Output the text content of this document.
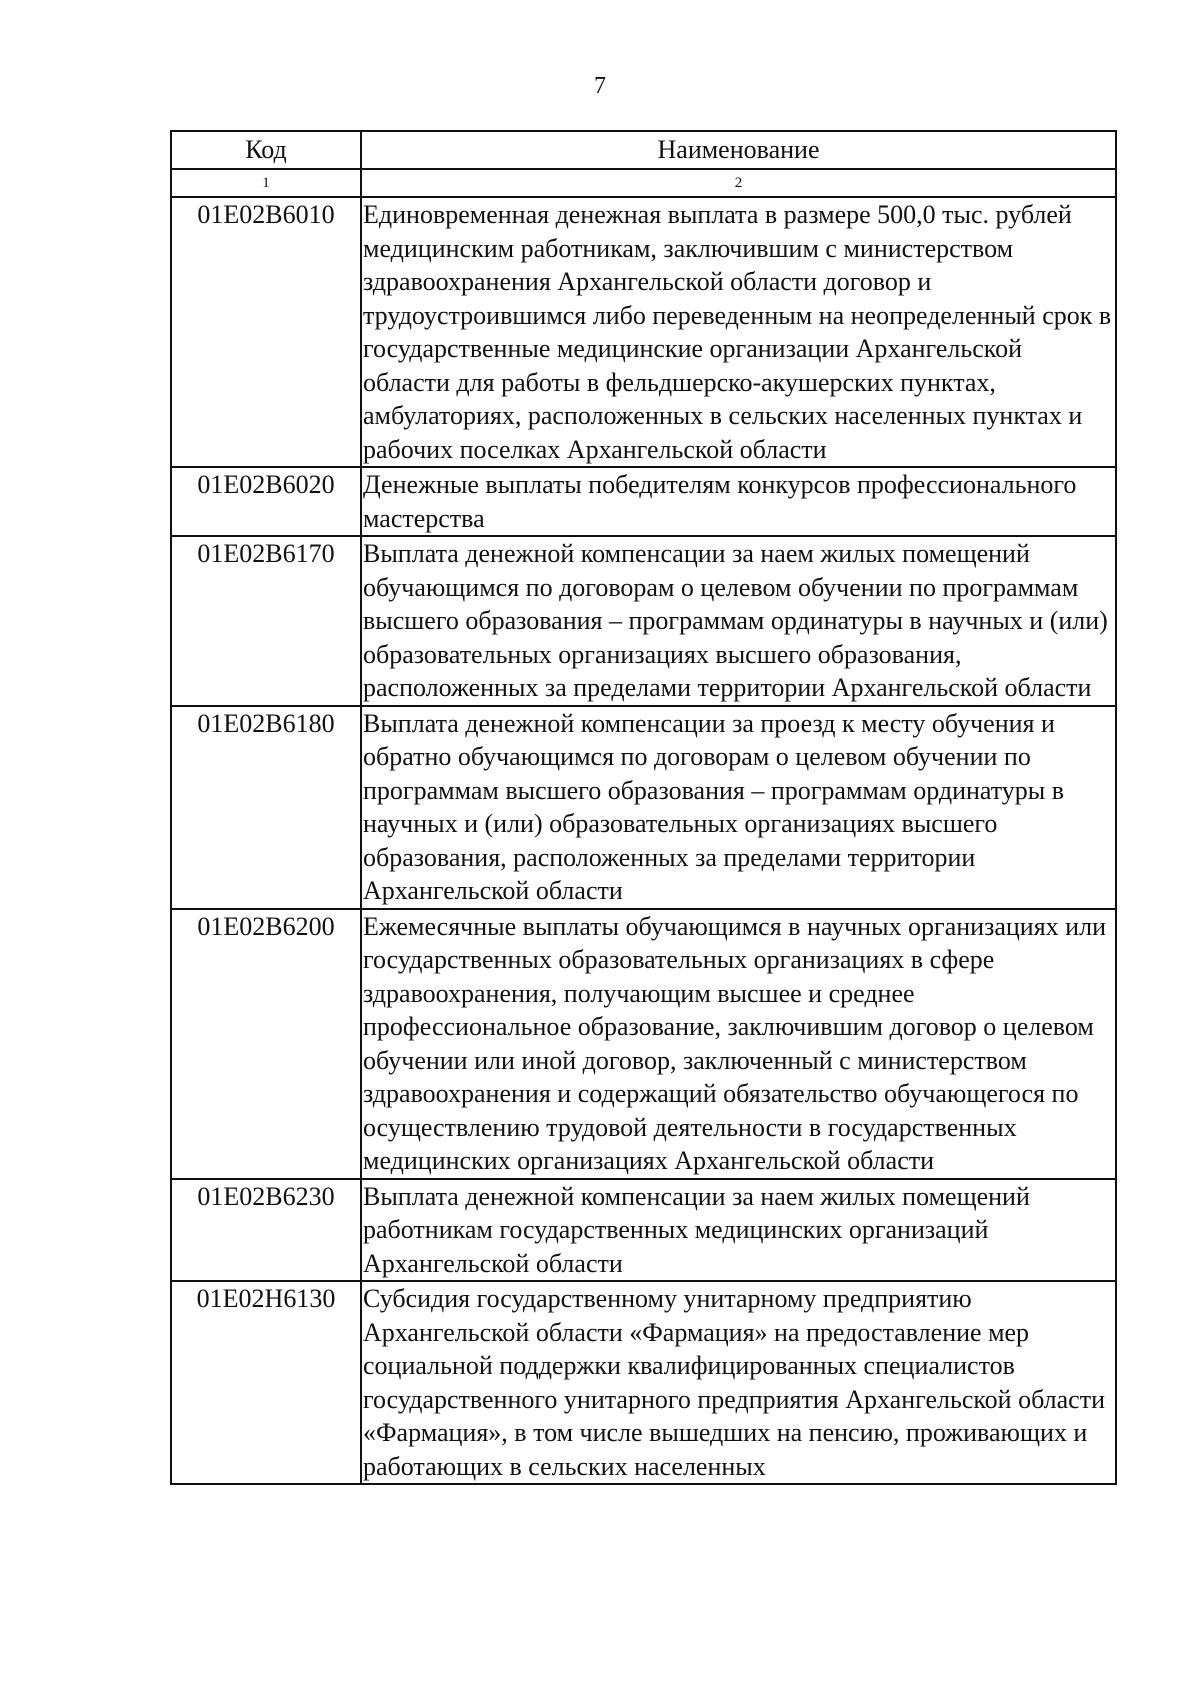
7
Код	Наименование
1	2
01E02B6010	Единовременная денежная выплата в размере 500,0 тыс. рублей медицинским работникам, заключившим с министерством здравоохранения Архангельской области договор и трудоустроившимся либо переведенным на неопределенный срок в государственные медицинские организации Архангельской области для работы в фельдшерско-акушерских пунктах, амбулаториях, расположенных в сельских населенных пунктах и рабочих поселках Архангельской области
01E02B6020	Денежные выплаты победителям конкурсов профессионального мастерства
01E02B6170	Выплата денежной компенсации за наем жилых помещений обучающимся по договорам о целевом обучении по программам высшего образования – программам ординатуры в научных и (или) образовательных организациях высшего образования, расположенных за пределами территории Архангельской области
01E02B6180	Выплата денежной компенсации за проезд к месту обучения и обратно обучающимся по договорам о целевом обучении по программам высшего образования – программам ординатуры в научных и (или) образовательных организациях высшего образования, расположенных за пределами территории Архангельской области
01E02B6200	Ежемесячные выплаты обучающимся в научных организациях или государственных образовательных организациях в сфере здравоохранения, получающим высшее и среднее профессиональное образование, заключившим договор о целевом обучении или иной договор, заключенный с министерством здравоохранения и содержащий обязательство обучающегося по осуществлению трудовой деятельности в государственных медицинских организациях Архангельской области
01E02B6230	Выплата денежной компенсации за наем жилых помещений работникам государственных медицинских организаций Архангельской области
01E02H6130	Субсидия государственному унитарному предприятию Архангельской области «Фармация» на предоставление мер социальной поддержки квалифицированных специалистов государственного унитарного предприятия Архангельской области «Фармация», в том числе вышедших на пенсию, проживающих и работающих в сельских населенных
